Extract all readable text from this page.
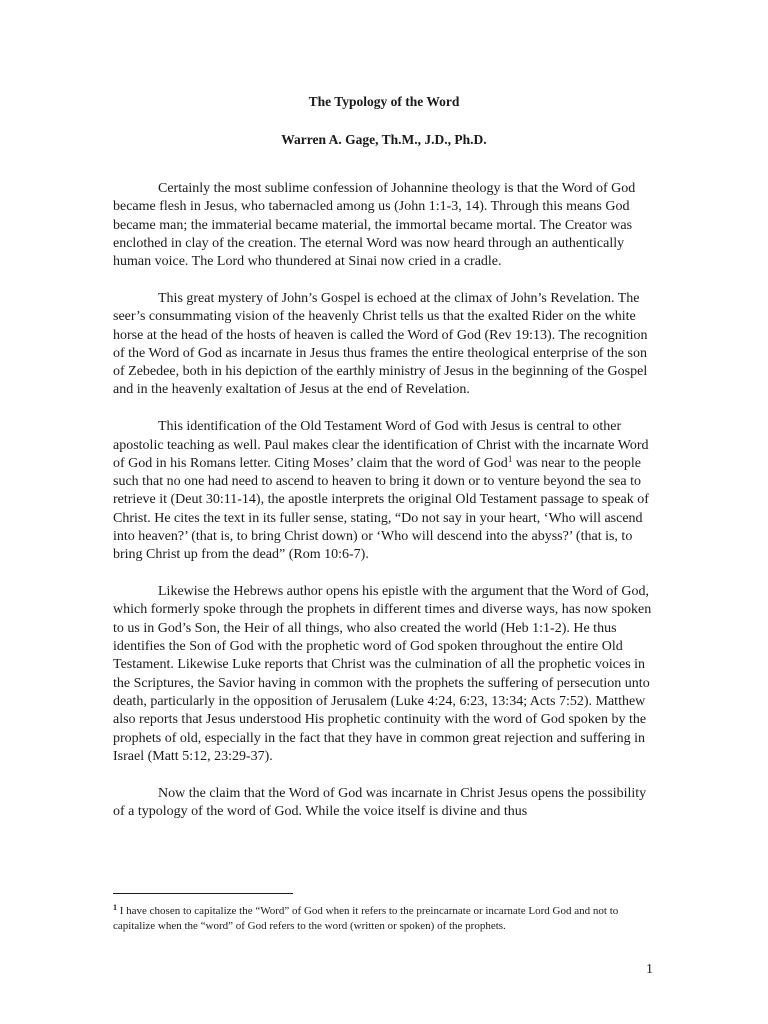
The Typology of the Word
Warren A. Gage, Th.M., J.D., Ph.D.

Certainly the most sublime confession of Johannine theology is that the Word of God became flesh in Jesus, who tabernacled among us (John 1:1-3, 14). Through this means God became man; the immaterial became material, the immortal became mortal. The Creator was enclothed in clay of the creation. The eternal Word was now heard through an authentically human voice. The Lord who thundered at Sinai now cried in a cradle.

This great mystery of John’s Gospel is echoed at the climax of John’s Revelation. The seer’s consummating vision of the heavenly Christ tells us that the exalted Rider on the white horse at the head of the hosts of heaven is called the Word of God (Rev 19:13). The recognition of the Word of God as incarnate in Jesus thus frames the entire theological enterprise of the son of Zebedee, both in his depiction of the earthly ministry of Jesus in the beginning of the Gospel and in the heavenly exaltation of Jesus at the end of Revelation.

This identification of the Old Testament Word of God with Jesus is central to other apostolic teaching as well. Paul makes clear the identification of Christ with the incarnate Word of God in his Romans letter. Citing Moses’ claim that the word of God$^1$ was near to the people such that no one had need to ascend to heaven to bring it down or to venture beyond the sea to retrieve it (Deut 30:11-14), the apostle interprets the original Old Testament passage to speak of Christ. He cites the text in its fuller sense, stating, “Do not say in your heart, ‘Who will ascend into heaven?’ (that is, to bring Christ down) or ‘Who will descend into the abyss?’ (that is, to bring Christ up from the dead” (Rom 10:6-7).

Likewise the Hebrews author opens his epistle with the argument that the Word of God, which formerly spoke through the prophets in different times and diverse ways, has now spoken to us in God’s Son, the Heir of all things, who also created the world (Heb 1:1-2). He thus identifies the Son of God with the prophetic word of God spoken throughout the entire Old Testament. Likewise Luke reports that Christ was the culmination of all the prophetic voices in the Scriptures, the Savior having in common with the prophets the suffering of persecution unto death, particularly in the opposition of Jerusalem (Luke 4:24, 6:23, 13:34; Acts 7:52). Matthew also reports that Jesus understood His prophetic continuity with the word of God spoken by the prophets of old, especially in the fact that they have in common great rejection and suffering in Israel (Matt 5:12, 23:29-37).

Now the claim that the Word of God was incarnate in Christ Jesus opens the possibility of a typology of the word of God. While the voice itself is divine and thus

$^1$ I have chosen to capitalize the “Word” of God when it refers to the preincarnate or incarnate Lord God and not to capitalize when the “word” of God refers to the word (written or spoken) of the prophets.
1
